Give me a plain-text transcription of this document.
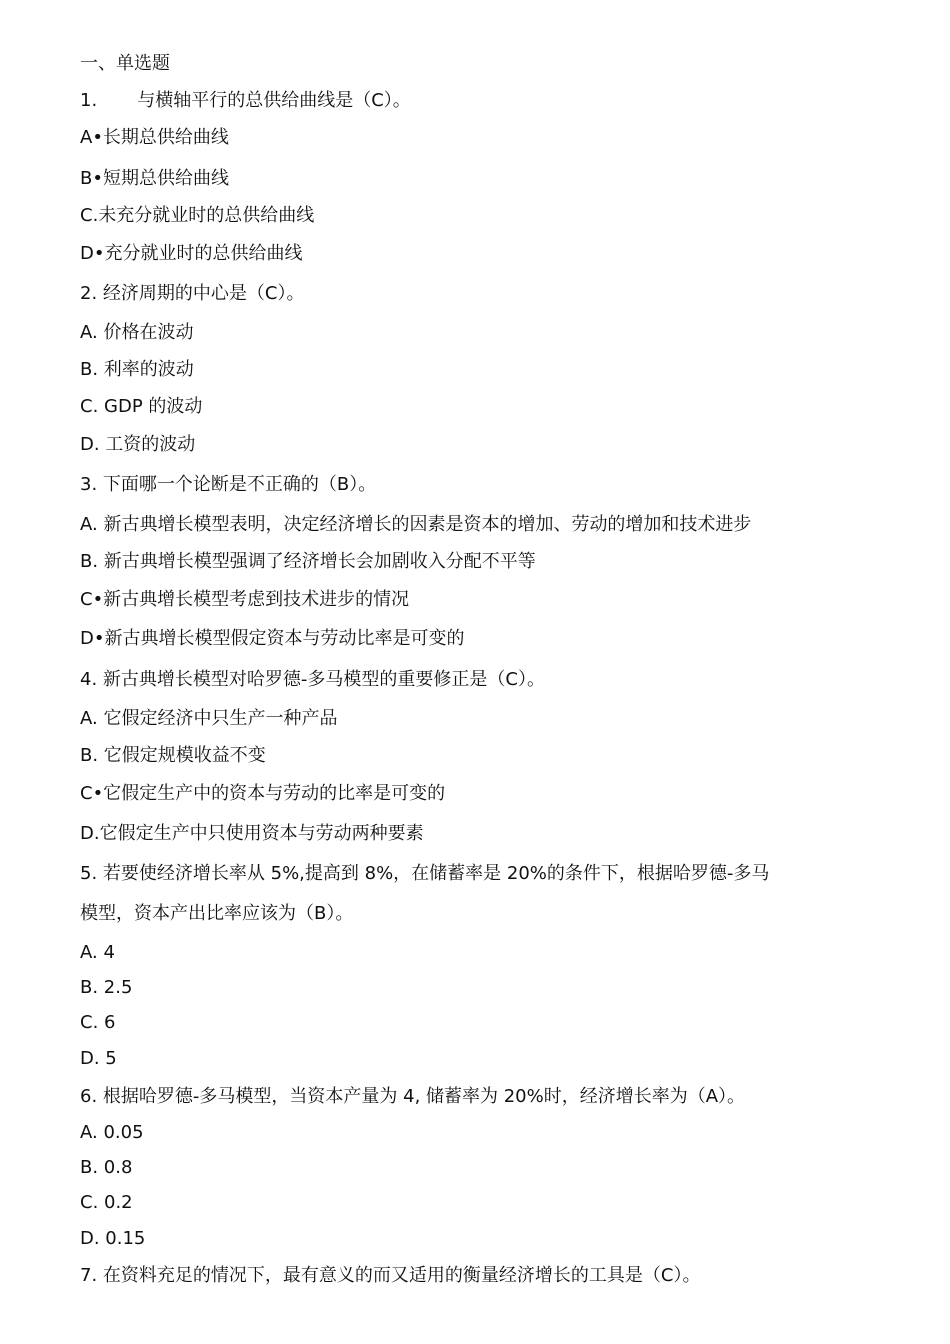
一、单选题
1.       与横轴平行的总供给曲线是（C）。
A•长期总供给曲线
B•短期总供给曲线
C.未充分就业时的总供给曲线
D•充分就业时的总供给曲线
2. 经济周期的中心是（C）。
A. 价格在波动
B. 利率的波动
C. GDP 的波动
D. 工资的波动
3. 下面哪一个论断是不正确的（B）。
A. 新古典增长模型表明，决定经济增长的因素是资本的增加、劳动的增加和技术进步
B. 新古典增长模型强调了经济增长会加剧收入分配不平等
C•新古典增长模型考虑到技术进步的情况
D•新古典增长模型假定资本与劳动比率是可变的
4. 新古典增长模型对哈罗德-多马模型的重要修正是（C）。
A. 它假定经济中只生产一种产品
B. 它假定规模收益不变
C•它假定生产中的资本与劳动的比率是可变的
D.它假定生产中只使用资本与劳动两种要素
5. 若要使经济增长率从 5%,提高到 8%，在储蓄率是 20%的条件下，根据哈罗德-多马
模型，资本产出比率应该为（B）。
A. 4
B. 2.5
C. 6
D. 5
6. 根据哈罗德-多马模型，当资本产量为 4, 储蓄率为 20%时，经济增长率为（A）。
A. 0.05
B. 0.8
C. 0.2
D. 0.15
7. 在资料充足的情况下，最有意义的而又适用的衡量经济增长的工具是（C）。
